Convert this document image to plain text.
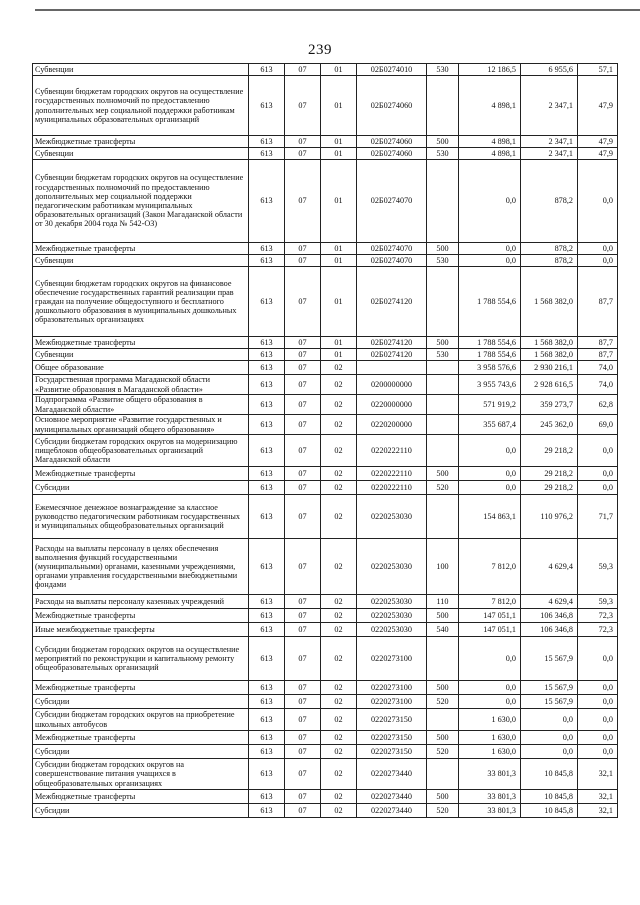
239
Субвенции	613	07	01	02Б0274010	530	12 186,5	6 955,6	57,1
Субвенции бюджетам городских округов на осуществление государственных полномочий по предоставлению дополнительных мер социальной поддержки работникам муниципальных образовательных организаций	613	07	01	02Б0274060		4 898,1	2 347,1	47,9
Межбюджетные трансферты	613	07	01	02Б0274060	500	4 898,1	2 347,1	47,9
Субвенции	613	07	01	02Б0274060	530	4 898,1	2 347,1	47,9
Субвенции бюджетам городских округов на осуществление государственных полномочий по предоставлению дополнительных мер социальной поддержки педагогическим работникам муниципальных образовательных организаций (Закон Магаданской области от 30 декабря 2004 года № 542-ОЗ)	613	07	01	02Б0274070		0,0	878,2	0,0
Межбюджетные трансферты	613	07	01	02Б0274070	500	0,0	878,2	0,0
Субвенции	613	07	01	02Б0274070	530	0,0	878,2	0,0
Субвенции бюджетам городских округов на финансовое обеспечение государственных гарантий реализации прав граждан на получение общедоступного и бесплатного дошкольного образования в муниципальных дошкольных образовательных организациях	613	07	01	02Б0274120		1 788 554,6	1 568 382,0	87,7
Межбюджетные трансферты	613	07	01	02Б0274120	500	1 788 554,6	1 568 382,0	87,7
Субвенции	613	07	01	02Б0274120	530	1 788 554,6	1 568 382,0	87,7
Общее образование	613	07	02			3 958 576,6	2 930 216,1	74,0
Государственная программа Магаданской области «Развитие образования в Магаданской области»	613	07	02	0200000000		3 955 743,6	2 928 616,5	74,0
Подпрограмма «Развитие общего образования в Магаданской области»	613	07	02	0220000000		571 919,2	359 273,7	62,8
Основное мероприятие «Развитие государственных и муниципальных организаций общего образования»	613	07	02	0220200000		355 687,4	245 362,0	69,0
Субсидии бюджетам городских округов на модернизацию пищеблоков общеобразовательных организаций Магаданской области	613	07	02	0220222110		0,0	29 218,2	0,0
Межбюджетные трансферты	613	07	02	0220222110	500	0,0	29 218,2	0,0
Субсидии	613	07	02	0220222110	520	0,0	29 218,2	0,0
Ежемесячное денежное вознаграждение за классное руководство педагогическим работникам государственных и муниципальных общеобразовательных организаций	613	07	02	0220253030		154 863,1	110 976,2	71,7
Расходы на выплаты персоналу в целях обеспечения выполнения функций государственными (муниципальными) органами, казенными учреждениями, органами управления государственными внебюджетными фондами	613	07	02	0220253030	100	7 812,0	4 629,4	59,3
Расходы на выплаты персоналу казенных учреждений	613	07	02	0220253030	110	7 812,0	4 629,4	59,3
Межбюджетные трансферты	613	07	02	0220253030	500	147 051,1	106 346,8	72,3
Иные межбюджетные трансферты	613	07	02	0220253030	540	147 051,1	106 346,8	72,3
Субсидии бюджетам городских округов на осуществление мероприятий по реконструкции и капитальному ремонту общеобразовательных организаций	613	07	02	0220273100		0,0	15 567,9	0,0
Межбюджетные трансферты	613	07	02	0220273100	500	0,0	15 567,9	0,0
Субсидии	613	07	02	0220273100	520	0,0	15 567,9	0,0
Субсидии бюджетам городских округов на приобретение школьных автобусов	613	07	02	0220273150		1 630,0	0,0	0,0
Межбюджетные трансферты	613	07	02	0220273150	500	1 630,0	0,0	0,0
Субсидии	613	07	02	0220273150	520	1 630,0	0,0	0,0
Субсидии бюджетам городских округов на совершенствование питания учащихся в общеобразовательных организациях	613	07	02	0220273440		33 801,3	10 845,8	32,1
Межбюджетные трансферты	613	07	02	0220273440	500	33 801,3	10 845,8	32,1
Субсидии	613	07	02	0220273440	520	33 801,3	10 845,8	32,1
